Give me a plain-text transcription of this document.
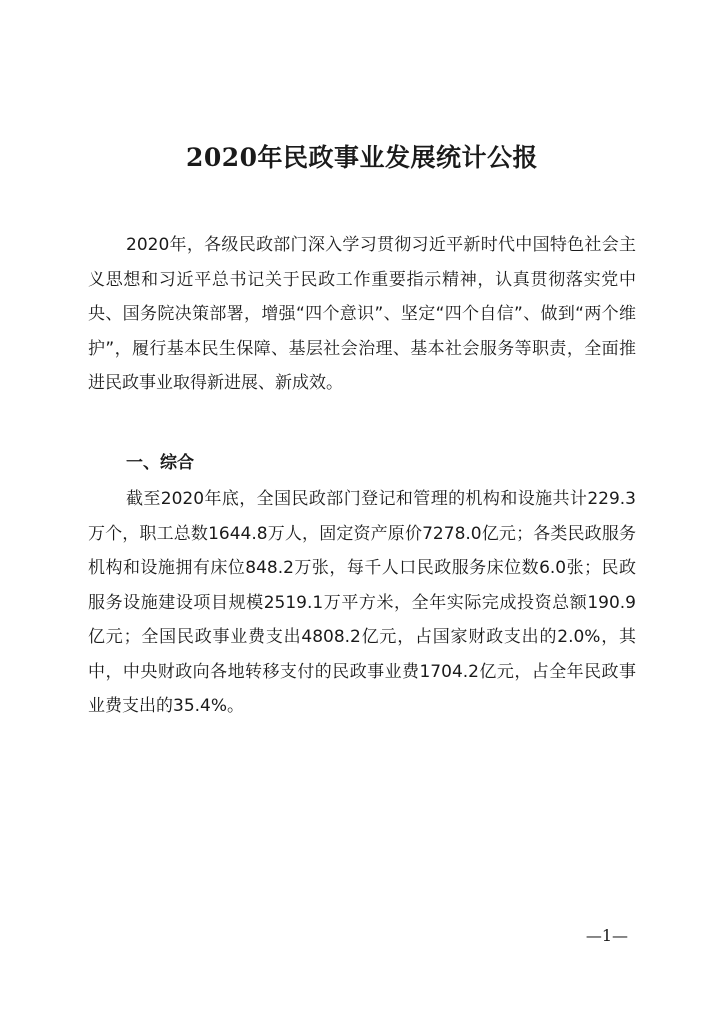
2020年民政事业发展统计公报

2020年，各级民政部门深入学习贯彻习近平新时代中国特色社会主义思想和习近平总书记关于民政工作重要指示精神，认真贯彻落实党中央、国务院决策部署，增强“四个意识”、坚定“四个自信”、做到“两个维护”，履行基本民生保障、基层社会治理、基本社会服务等职责，全面推进民政事业取得新进展、新成效。

一、综合

截至2020年底，全国民政部门登记和管理的机构和设施共计229.3万个，职工总数1644.8万人，固定资产原价7278.0亿元；各类民政服务机构和设施拥有床位848.2万张，每千人口民政服务床位数6.0张；民政服务设施建设项目规模2519.1万平方米，全年实际完成投资总额190.9亿元；全国民政事业费支出4808.2亿元，占国家财政支出的2.0%，其中，中央财政向各地转移支付的民政事业费1704.2亿元，占全年民政事业费支出的35.4%。

—1—
